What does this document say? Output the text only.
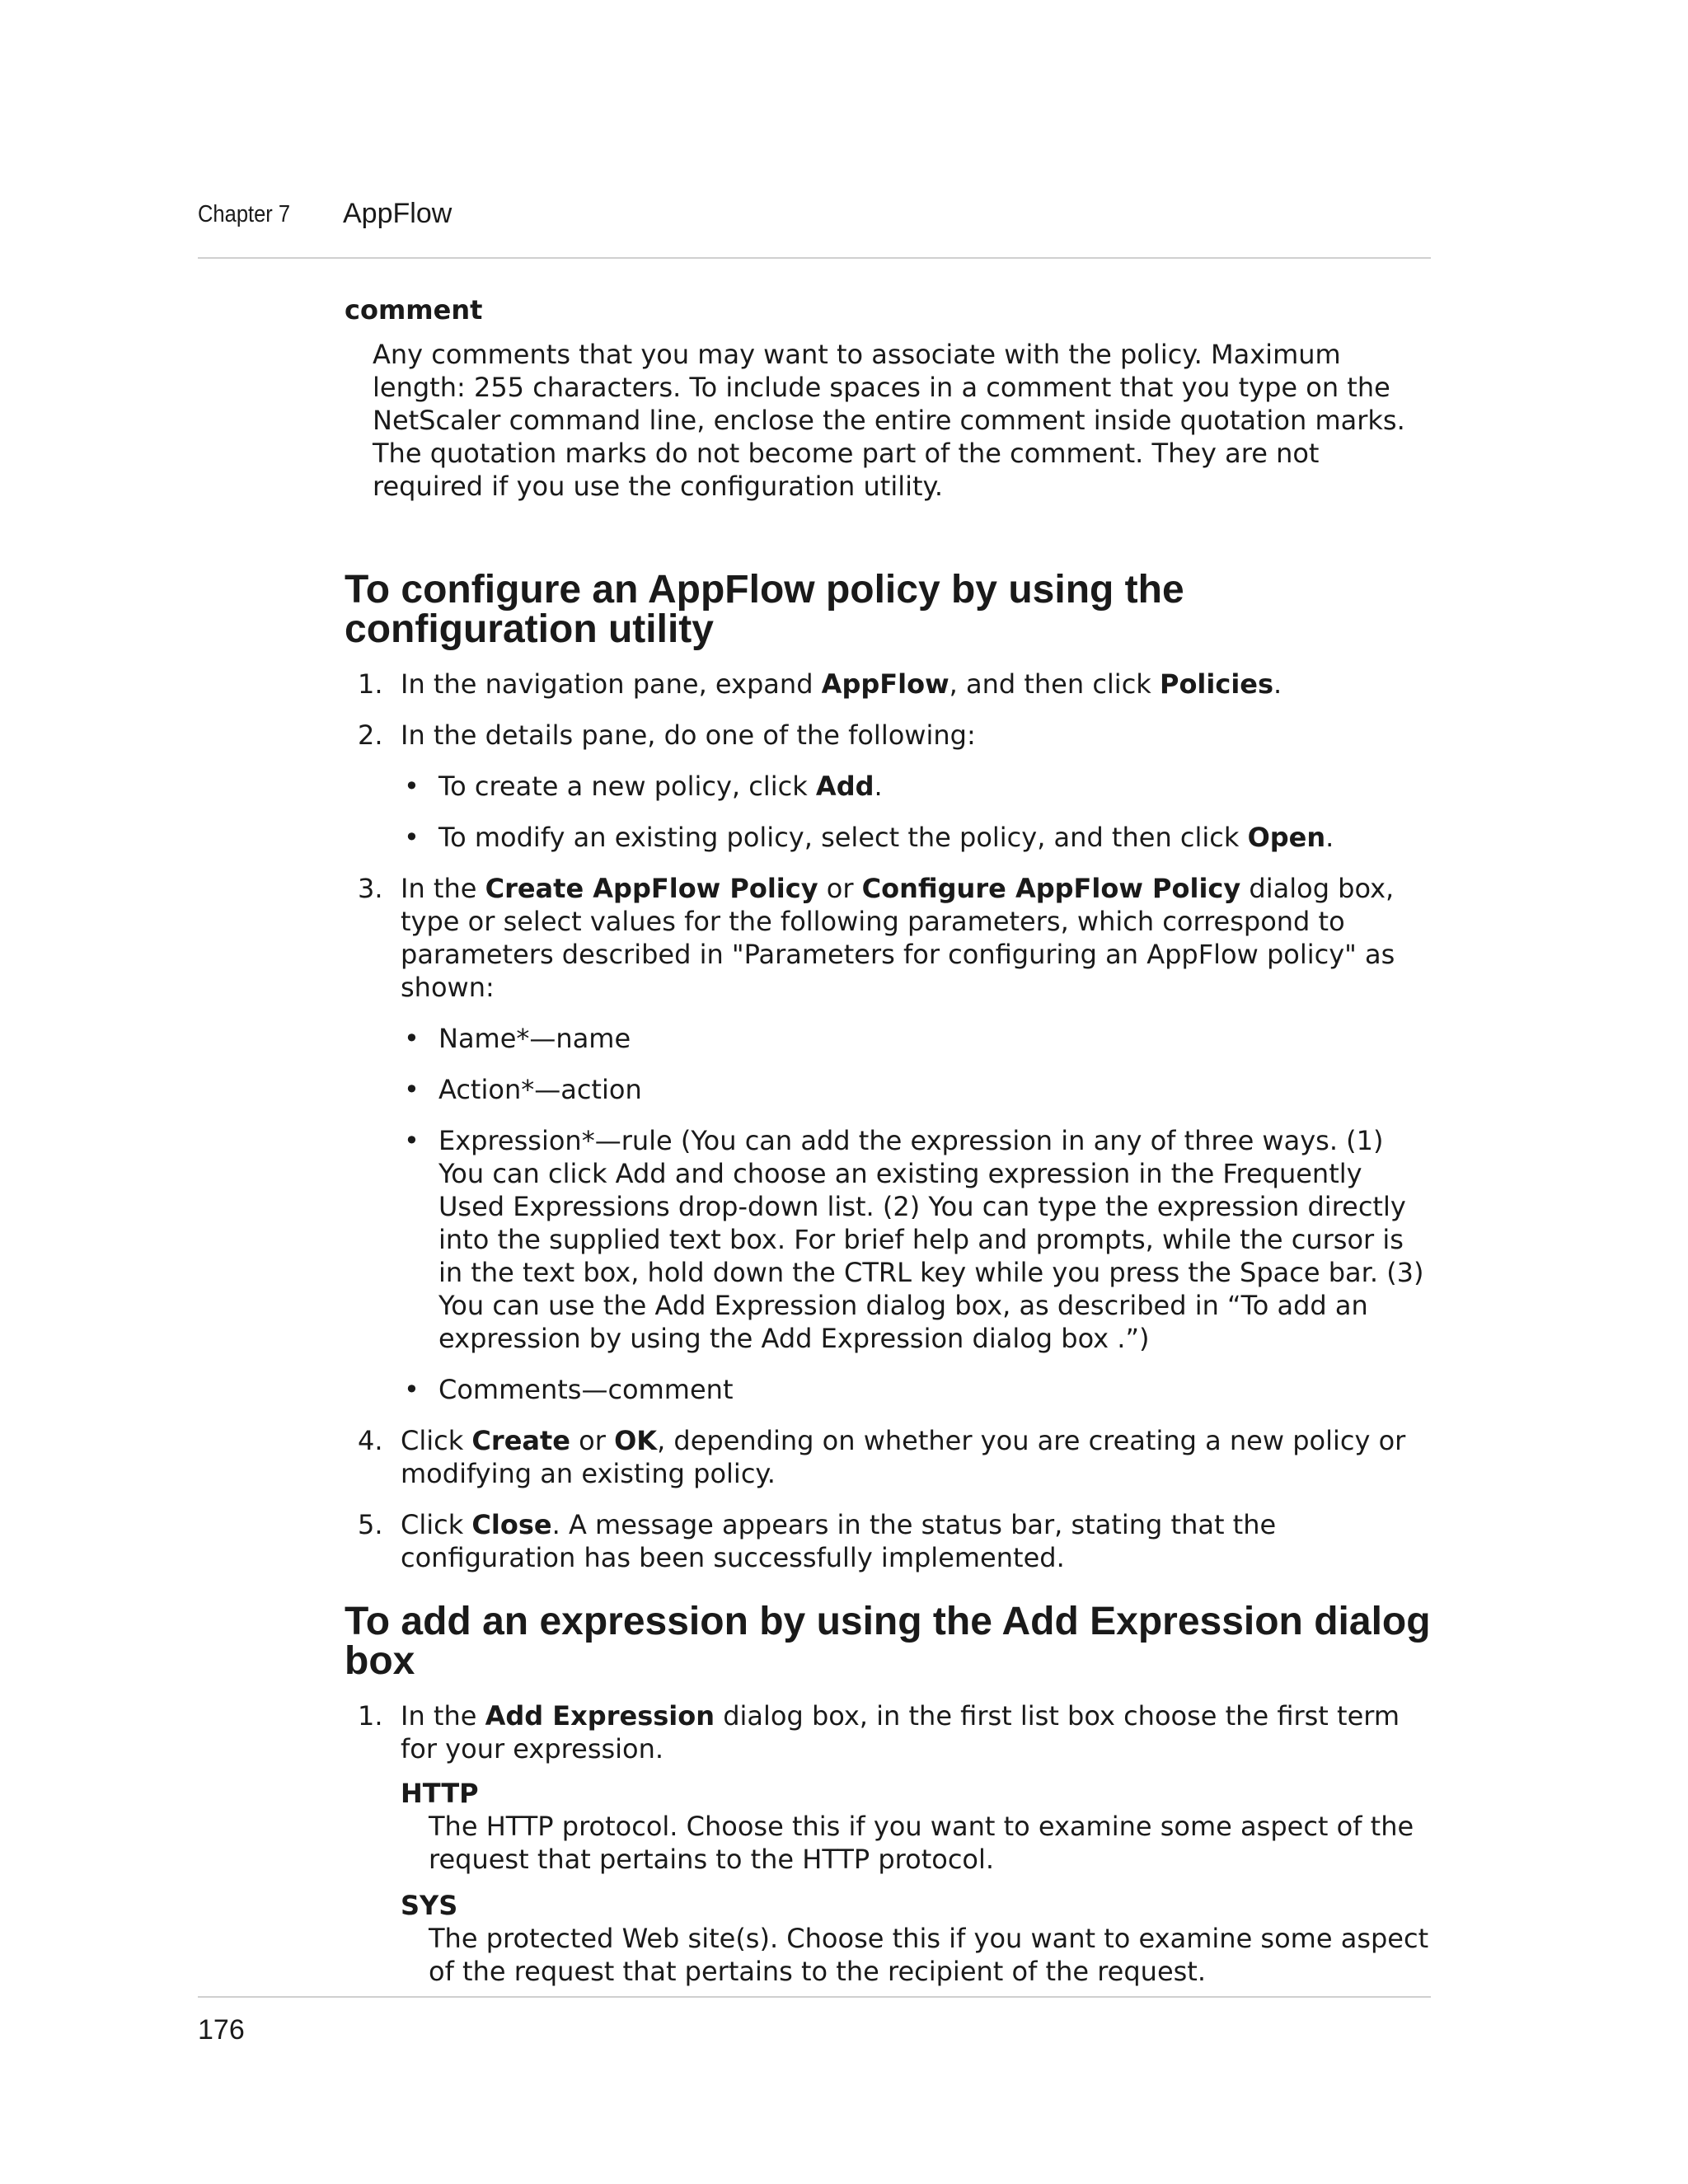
Chapter 7 AppFlow
comment

Any comments that you may want to associate with the policy. Maximum length: 255 characters. To include spaces in a comment that you type on the NetScaler command line, enclose the entire comment inside quotation marks. The quotation marks do not become part of the comment. They are not required if you use the configuration utility.

To configure an AppFlow policy by using the configuration utility
1. In the navigation pane, expand AppFlow, and then click Policies.
2. In the details pane, do one of the following:
• To create a new policy, click Add.
• To modify an existing policy, select the policy, and then click Open.
3. In the Create AppFlow Policy or Configure AppFlow Policy dialog box, type or select values for the following parameters, which correspond to parameters described in "Parameters for configuring an AppFlow policy" as shown:
• Name*—name
• Action*—action
• Expression*—rule (You can add the expression in any of three ways. (1) You can click Add and choose an existing expression in the Frequently Used Expressions drop-down list. (2) You can type the expression directly into the supplied text box. For brief help and prompts, while the cursor is in the text box, hold down the CTRL key while you press the Space bar. (3) You can use the Add Expression dialog box, as described in “To add an expression by using the Add Expression dialog box .”)
• Comments—comment
4. Click Create or OK, depending on whether you are creating a new policy or modifying an existing policy.
5. Click Close. A message appears in the status bar, stating that the configuration has been successfully implemented.
To add an expression by using the Add Expression dialog box
1. In the Add Expression dialog box, in the first list box choose the first term for your expression.
HTTP
The HTTP protocol. Choose this if you want to examine some aspect of the request that pertains to the HTTP protocol.
SYS
The protected Web site(s). Choose this if you want to examine some aspect of the request that pertains to the recipient of the request.
176
